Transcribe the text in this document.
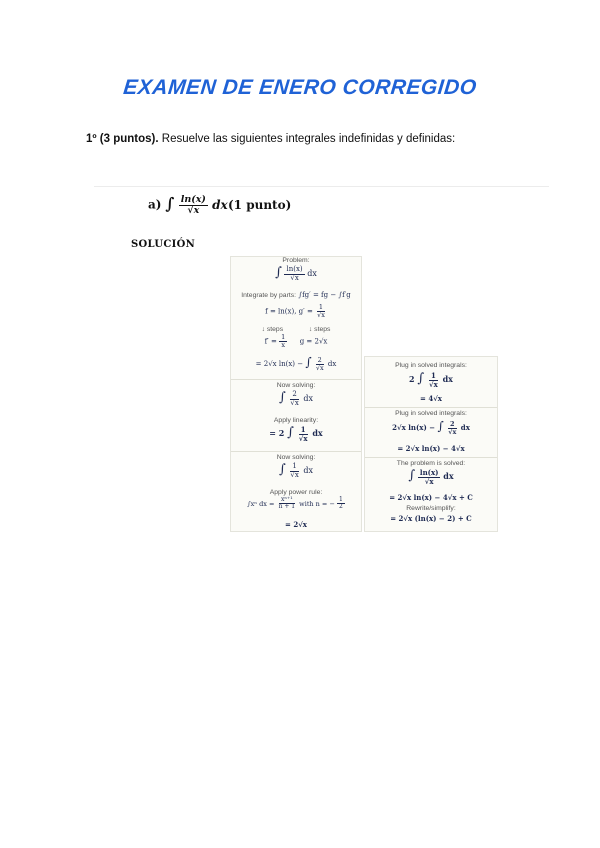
EXAMEN DE ENERO CORREGIDO
1º (3 puntos). Resuelve las siguientes integrales indefinidas y definidas:
a) ∫ $\frac{\ln(x)}{√x}$ dx (1 punto)
SOLUCIÓN
Problem:
∫ $\frac{\ln(x)}{√x}$ dx
Integrate by parts: ∫fg′ = fg − ∫f′g
f = ln(x), $g' = \frac{1}{√x}$
↓ steps	↓ steps
$f' = \frac{1}{x}$ g = 2√x
= 2√x ln(x) − ∫ $\frac{2}{√x}$ dx
Now solving:
∫ $\frac{2}{√x}$ dx
Apply linearity:
= 2 ∫ $\frac{1}{√x}$ dx
Now solving:
∫ $\frac{1}{√x}$ dx
Apply power rule:
∫xⁿ dx = $\frac{\text{xⁿ⁺¹}}{n + 1}$ with n = − $\frac{1}{2}$
= 2√x
Plug in solved integrals:
2 ∫ $\frac{1}{√x}$ dx
= 4√x
Plug in solved integrals:
2√x ln(x) − ∫ $\frac{2}{√x}$ dx
= 2√x ln(x) − 4√x
The problem is solved:
∫ $\frac{\ln(x)}{√x}$ dx
= 2√x ln(x) − 4√x + C
Rewrite/simplify:
= 2√x (ln(x) − 2) + C
